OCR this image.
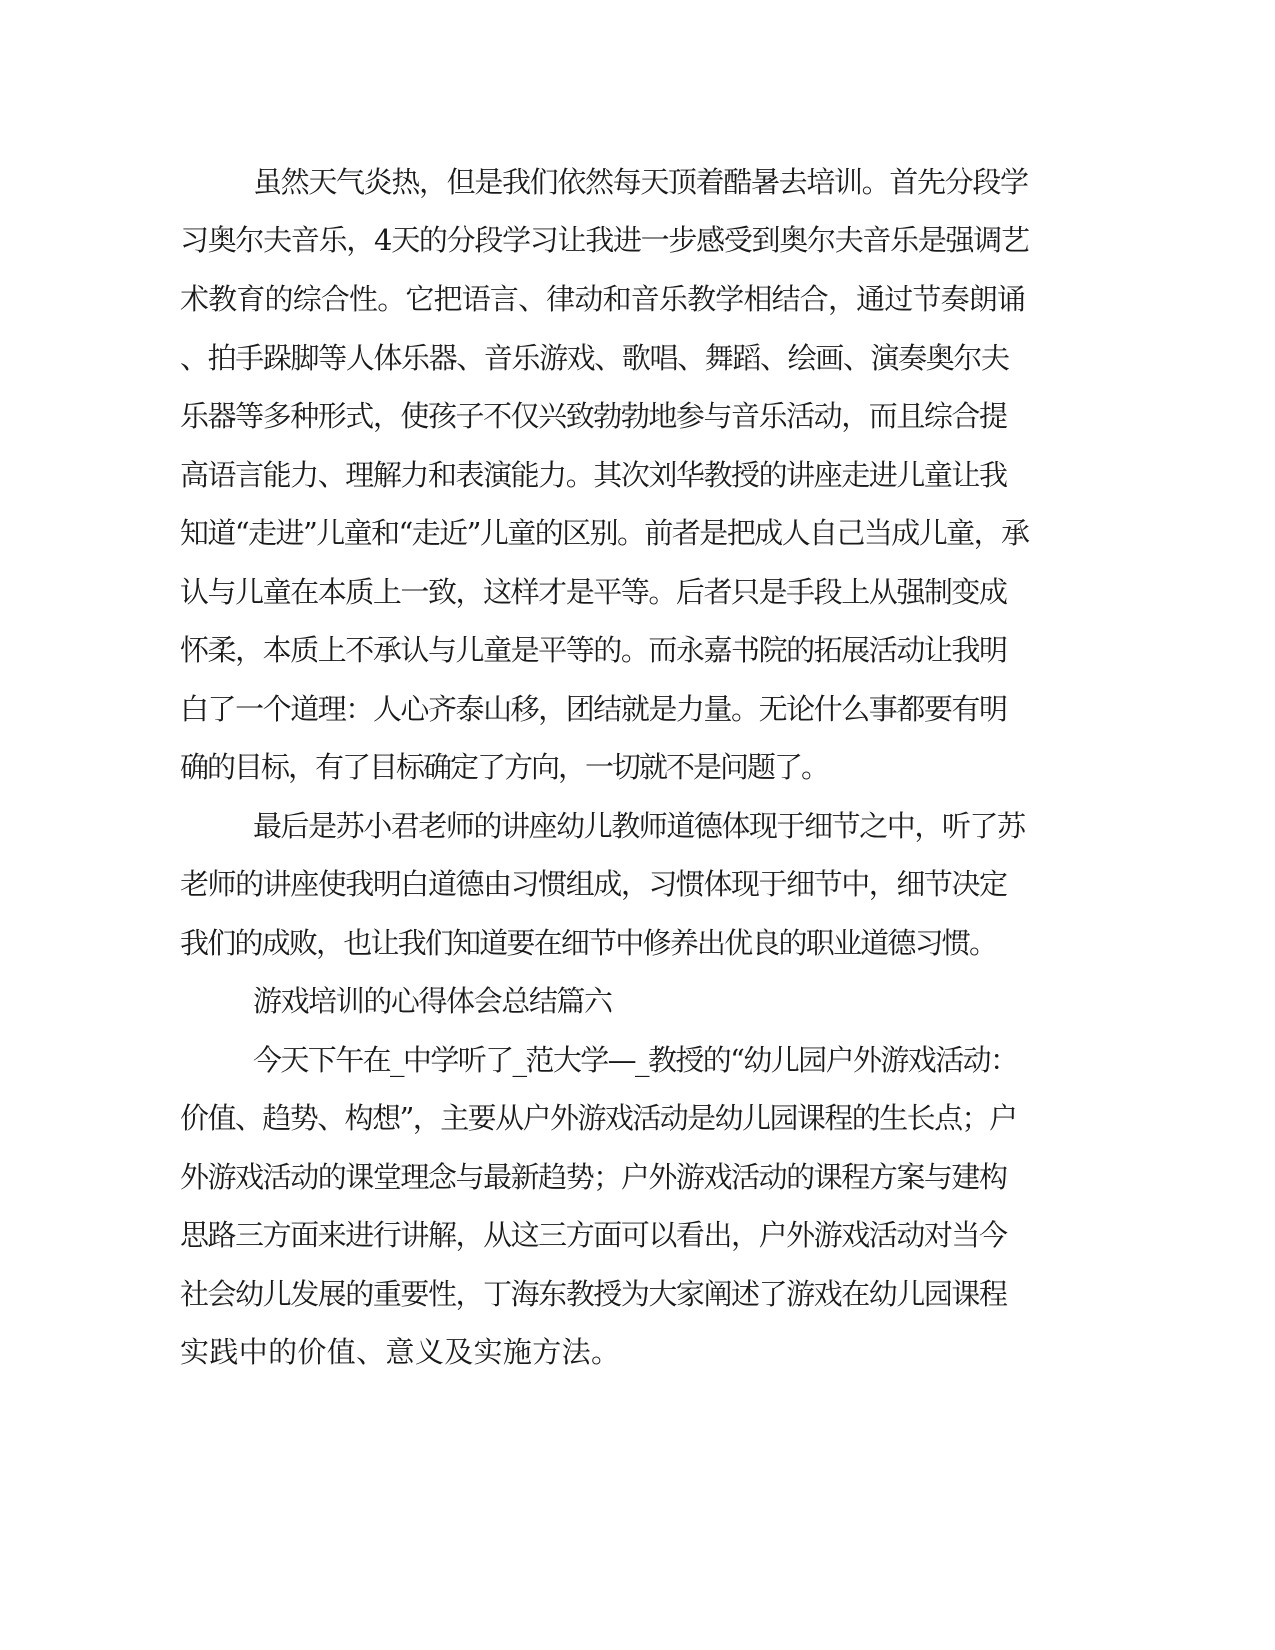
虽然天气炎热，但是我们依然每天顶着酷暑去培训。首先分段学
习奥尔夫音乐，4天的分段学习让我进一步感受到奥尔夫音乐是强调艺
术教育的综合性。它把语言、律动和音乐教学相结合，通过节奏朗诵
、拍手跺脚等人体乐器、音乐游戏、歌唱、舞蹈、绘画、演奏奥尔夫
乐器等多种形式，使孩子不仅兴致勃勃地参与音乐活动，而且综合提
高语言能力、理解力和表演能力。其次刘华教授的讲座走进儿童让我
知道“走进”儿童和“走近”儿童的区别。前者是把成人自己当成儿童，承
认与儿童在本质上一致，这样才是平等。后者只是手段上从强制变成
怀柔，本质上不承认与儿童是平等的。而永嘉书院的拓展活动让我明
白了一个道理：人心齐泰山移，团结就是力量。无论什么事都要有明
确的目标，有了目标确定了方向，一切就不是问题了。
最后是苏小君老师的讲座幼儿教师道德体现于细节之中，听了苏
老师的讲座使我明白道德由习惯组成，习惯体现于细节中，细节决定
我们的成败，也让我们知道要在细节中修养出优良的职业道德习惯。
游戏培训的心得体会总结篇六
今天下午在_中学听了_范大学—_教授的“幼儿园户外游戏活动：
价值、趋势、构想”，主要从户外游戏活动是幼儿园课程的生长点；户
外游戏活动的课堂理念与最新趋势；户外游戏活动的课程方案与建构
思路三方面来进行讲解，从这三方面可以看出，户外游戏活动对当今
社会幼儿发展的重要性，丁海东教授为大家阐述了游戏在幼儿园课程
实践中的价值、意义及实施方法。
